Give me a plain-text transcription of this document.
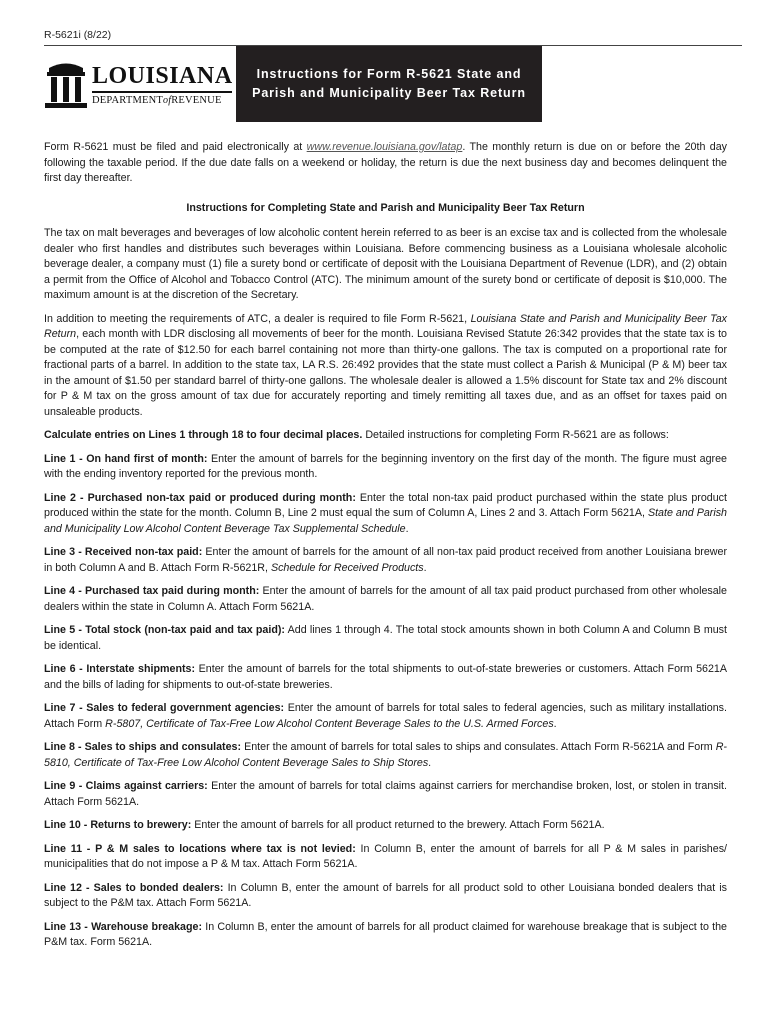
R-5621i (8/22)
LOUISIANA
DEPARTMENTofREVENUE
Instructions for Form R-5621 State and
Parish and Municipality Beer Tax Return

Form R-5621 must be filed and paid electronically at www.revenue.louisiana.gov/latap. The monthly return is due on or before the 20th day following the taxable period. If the due date falls on a weekend or holiday, the return is due the next business day and becomes delinquent the first day thereafter.

Instructions for Completing State and Parish and Municipality Beer Tax Return

The tax on malt beverages and beverages of low alcoholic content herein referred to as beer is an excise tax and is collected from the wholesale dealer who first handles and distributes such beverages within Louisiana. Before commencing business as a Louisiana wholesale alcoholic beverage dealer, a company must (1) file a surety bond or certificate of deposit with the Louisiana Department of Revenue (LDR), and (2) obtain a permit from the Office of Alcohol and Tobacco Control (ATC). The minimum amount of the surety bond or certificate of deposit is $10,000. The maximum amount is at the discretion of the Secretary.

In addition to meeting the requirements of ATC, a dealer is required to file Form R-5621, Louisiana State and Parish and Municipality Beer Tax Return, each month with LDR disclosing all movements of beer for the month. Louisiana Revised Statute 26:342 provides that the state tax is to be computed at the rate of $12.50 for each barrel containing not more than thirty-one gallons. The tax is computed on a proportional rate for fractional parts of a barrel. In addition to the state tax, LA R.S. 26:492 provides that the state must collect a Parish & Municipal (P & M) beer tax in the amount of $1.50 per standard barrel of thirty-one gallons. The wholesale dealer is allowed a 1.5% discount for State tax and 2% discount for P & M tax on the gross amount of tax due for accurately reporting and timely remitting all taxes due, and as an offset for taxes paid on unsaleable products.

Calculate entries on Lines 1 through 18 to four decimal places. Detailed instructions for completing Form R-5621 are as follows:

Line 1 - On hand first of month: Enter the amount of barrels for the beginning inventory on the first day of the month. The figure must agree with the ending inventory reported for the previous month.

Line 2 - Purchased non-tax paid or produced during month: Enter the total non-tax paid product purchased within the state plus product produced within the state for the month. Column B, Line 2 must equal the sum of Column A, Lines 2 and 3. Attach Form 5621A, State and Parish and Municipality Low Alcohol Content Beverage Tax Supplemental Schedule.

Line 3 - Received non-tax paid: Enter the amount of barrels for the amount of all non-tax paid product received from another Louisiana brewer in both Column A and B. Attach Form R-5621R, Schedule for Received Products.

Line 4 - Purchased tax paid during month: Enter the amount of barrels for the amount of all tax paid product purchased from other wholesale dealers within the state in Column A. Attach Form 5621A.

Line 5 - Total stock (non-tax paid and tax paid): Add lines 1 through 4. The total stock amounts shown in both Column A and Column B must be identical.

Line 6 - Interstate shipments: Enter the amount of barrels for the total shipments to out-of-state breweries or customers. Attach Form 5621A and the bills of lading for shipments to out-of-state breweries.

Line 7 - Sales to federal government agencies: Enter the amount of barrels for total sales to federal agencies, such as military installations. Attach Form R-5807, Certificate of Tax-Free Low Alcohol Content Beverage Sales to the U.S. Armed Forces.

Line 8 - Sales to ships and consulates: Enter the amount of barrels for total sales to ships and consulates. Attach Form R-5621A and Form R-5810, Certificate of Tax-Free Low Alcohol Content Beverage Sales to Ship Stores.

Line 9 - Claims against carriers: Enter the amount of barrels for total claims against carriers for merchandise broken, lost, or stolen in transit. Attach Form 5621A.

Line 10 - Returns to brewery: Enter the amount of barrels for all product returned to the brewery. Attach Form 5621A.

Line 11 - P & M sales to locations where tax is not levied: In Column B, enter the amount of barrels for all P & M sales in parishes/ municipalities that do not impose a P & M tax. Attach Form 5621A.

Line 12 - Sales to bonded dealers: In Column B, enter the amount of barrels for all product sold to other Louisiana bonded dealers that is subject to the P&M tax. Attach Form 5621A.

Line 13 - Warehouse breakage: In Column B, enter the amount of barrels for all product claimed for warehouse breakage that is subject to the P&M tax. Form 5621A.
